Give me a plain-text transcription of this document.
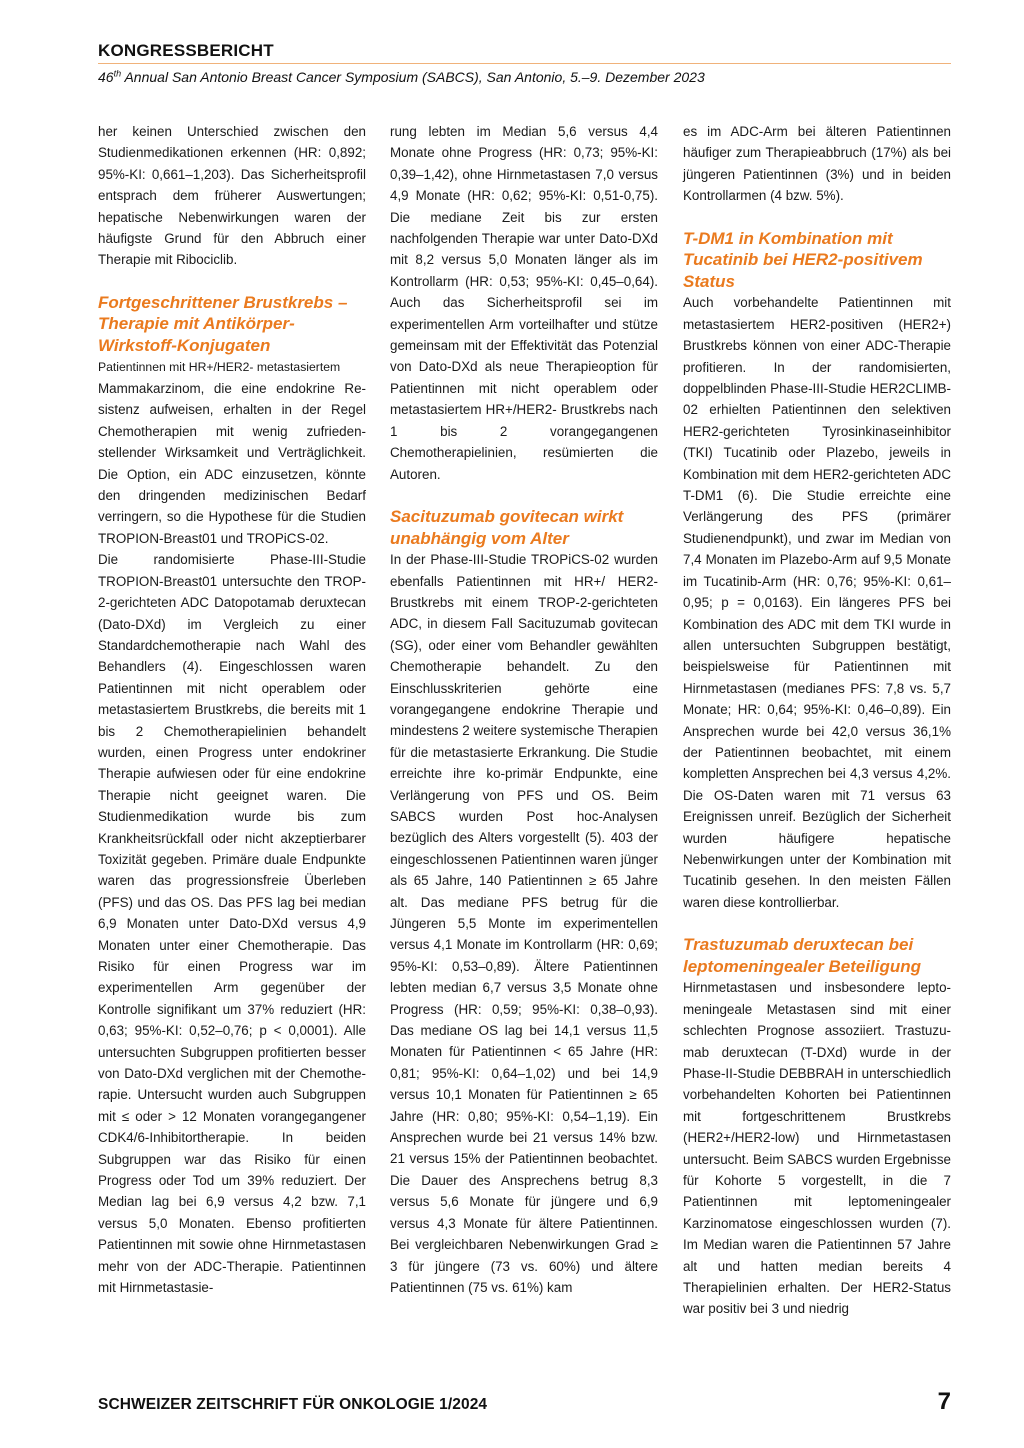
KONGRESSBERICHT
46th Annual San Antonio Breast Cancer Symposium (SABCS), San Antonio, 5.–9. Dezember 2023

her keinen Unterschied zwischen den Studienmedikationen erkennen (HR: 0,892; 95%-KI: 0,661–1,203). Das Sicherheitsprofil entsprach dem früherer Auswertungen; hepatische Nebenwirkungen waren der häufigste Grund für den Abbruch einer Therapie mit Ribociclib.

Fortgeschrittener Brustkrebs – Therapie mit Antikörper-Wirkstoff-Konjugaten

Patientinnen mit HR+/HER2- metastasiertem

Mammakarzinom, die eine endokrine Resistenz aufweisen, erhalten in der Regel Chemotherapien mit wenig zufriedenstellender Wirksamkeit und Verträglichkeit. Die Option, ein ADC einzusetzen, könnte den dringenden medizinischen Bedarf verringern, so die Hypothese für die Studien TROPION-Breast01 und TROPiCS-02.

Die randomisierte Phase-III-Studie TROPION-Breast01 untersuchte den TROP-2-gerichteten ADC Datopotamab deruxtecan (Dato-DXd) im Vergleich zu einer Standardchemotherapie nach Wahl des Behandlers (4). Eingeschlossen waren Patientinnen mit nicht operablem oder metastasiertem Brustkrebs, die bereits mit 1 bis 2 Chemotherapielinien behandelt wurden, einen Progress unter endokriner Therapie aufwiesen oder für eine endokrine Therapie nicht geeignet waren. Die Studienmedikation wurde bis zum Krankheitsrückfall oder nicht akzeptierbarer Toxizität gegeben. Primäre duale Endpunkte waren das progressionsfreie Überleben (PFS) und das OS. Das PFS lag bei median 6,9 Monaten unter Dato-DXd versus 4,9 Monaten unter einer Chemotherapie. Das Risiko für einen Progress war im experimentellen Arm gegenüber der Kontrolle signifikant um 37% reduziert (HR: 0,63; 95%-KI: 0,52–0,76; p < 0,0001). Alle untersuchten Subgruppen profitierten besser von Dato-DXd verglichen mit der Chemotherapie. Untersucht wurden auch Subgruppen mit ≤ oder > 12 Monaten vorangegangener CDK4/6-Inhibitortherapie. In beiden Subgruppen war das Risiko für einen Progress oder Tod um 39% reduziert. Der Median lag bei 6,9 versus 4,2 bzw. 7,1 versus 5,0 Monaten. Ebenso profitierten Patientinnen mit sowie ohne Hirnmetastasen mehr von der ADC-Therapie. Patientinnen mit Hirnmetastasie-

rung lebten im Median 5,6 versus 4,4 Monate ohne Progress (HR: 0,73; 95%-KI: 0,39–1,42), ohne Hirnmetastasen 7,0 versus 4,9 Monate (HR: 0,62; 95%-KI: 0,51-0,75). Die mediane Zeit bis zur ersten nachfolgenden Therapie war unter Dato-DXd mit 8,2 versus 5,0 Monaten länger als im Kontrollarm (HR: 0,53; 95%-KI: 0,45–0,64). Auch das Sicherheitsprofil sei im experimentellen Arm vorteilhafter und stütze gemeinsam mit der Effektivität das Potenzial von Dato-DXd als neue Therapieoption für Patientinnen mit nicht operablem oder metastasiertem HR+/HER2- Brustkrebs nach 1 bis 2 vorangegangenen Chemotherapielinien, resümierten die Autoren.

Sacituzumab govitecan wirkt unabhängig vom Alter

In der Phase-III-Studie TROPiCS-02 wurden ebenfalls Patientinnen mit HR+/ HER2- Brustkrebs mit einem TROP-2-gerichteten ADC, in diesem Fall Sacituzumab govitecan (SG), oder einer vom Behandler gewählten Chemotherapie behandelt. Zu den Einschlusskriterien gehörte eine vorangegangene endokrine Therapie und mindestens 2 weitere systemische Therapien für die metastasierte Erkrankung. Die Studie erreichte ihre ko-primär Endpunkte, eine Verlängerung von PFS und OS. Beim SABCS wurden Post hoc-Analysen bezüglich des Alters vorgestellt (5). 403 der eingeschlossenen Patientinnen waren jünger als 65 Jahre, 140 Patientinnen ≥ 65 Jahre alt. Das mediane PFS betrug für die Jüngeren 5,5 Monte im experimentellen versus 4,1 Monate im Kontrollarm (HR: 0,69; 95%-KI: 0,53–0,89). Ältere Patientinnen lebten median 6,7 versus 3,5 Monate ohne Progress (HR: 0,59; 95%-KI: 0,38–0,93). Das mediane OS lag bei 14,1 versus 11,5 Monaten für Patientinnen < 65 Jahre (HR: 0,81; 95%-KI: 0,64–1,02) und bei 14,9 versus 10,1 Monaten für Patientinnen ≥ 65 Jahre (HR: 0,80; 95%-KI: 0,54–1,19). Ein Ansprechen wurde bei 21 versus 14% bzw. 21 versus 15% der Patientinnen beobachtet. Die Dauer des Ansprechens betrug 8,3 versus 5,6 Monate für jüngere und 6,9 versus 4,3 Monate für ältere Patientinnen. Bei vergleichbaren Nebenwirkungen Grad ≥ 3 für jüngere (73 vs. 60%) und ältere Patientinnen (75 vs. 61%) kam

es im ADC-Arm bei älteren Patientinnen häufiger zum Therapieabbruch (17%) als bei jüngeren Patientinnen (3%) und in beiden Kontrollarmen (4 bzw. 5%).

T-DM1 in Kombination mit Tucatinib bei HER2-positivem Status

Auch vorbehandelte Patientinnen mit metastasiertem HER2-positiven (HER2+) Brustkrebs können von einer ADC-Therapie profitieren. In der randomisierten, doppelblinden Phase-III-Studie HER2CLIMB-02 erhielten Patientinnen den selektiven HER2-gerichteten Tyrosinkinaseinhibitor (TKI) Tucatinib oder Plazebo, jeweils in Kombination mit dem HER2-gerichteten ADC T-DM1 (6). Die Studie erreichte eine Verlängerung des PFS (primärer Studienendpunkt), und zwar im Median von 7,4 Monaten im Plazebo-Arm auf 9,5 Monate im Tucatinib-Arm (HR: 0,76; 95%-KI: 0,61–0,95; p = 0,0163). Ein längeres PFS bei Kombination des ADC mit dem TKI wurde in allen untersuchten Subgruppen bestätigt, beispielsweise für Patientinnen mit Hirnmetastasen (medianes PFS: 7,8 vs. 5,7 Monate; HR: 0,64; 95%-KI: 0,46–0,89). Ein Ansprechen wurde bei 42,0 versus 36,1% der Patientinnen beobachtet, mit einem kompletten Ansprechen bei 4,3 versus 4,2%. Die OS-Daten waren mit 71 versus 63 Ereignissen unreif. Bezüglich der Sicherheit wurden häufigere hepatische Nebenwirkungen unter der Kombination mit Tucatinib gesehen. In den meisten Fällen waren diese kontrollierbar.

Trastuzumab deruxtecan bei leptomeningealer Beteiligung

Hirnmetastasen und insbesondere leptomeningeale Metastasen sind mit einer schlechten Prognose assoziiert. Trastuzumab deruxtecan (T-DXd) wurde in der Phase-II-Studie DEBBRAH in unterschiedlich vorbehandelten Kohorten bei Patientinnen mit fortgeschrittenem Brustkrebs (HER2+/HER2-low) und Hirnmetastasen untersucht. Beim SABCS wurden Ergebnisse für Kohorte 5 vorgestellt, in die 7 Patientinnen mit leptomeningealer Karzinomatose eingeschlossen wurden (7). Im Median waren die Patientinnen 57 Jahre alt und hatten median bereits 4 Therapielinien erhalten. Der HER2-Status war positiv bei 3 und niedrig

SCHWEIZER ZEITSCHRIFT FÜR ONKOLOGIE 1/2024	7
